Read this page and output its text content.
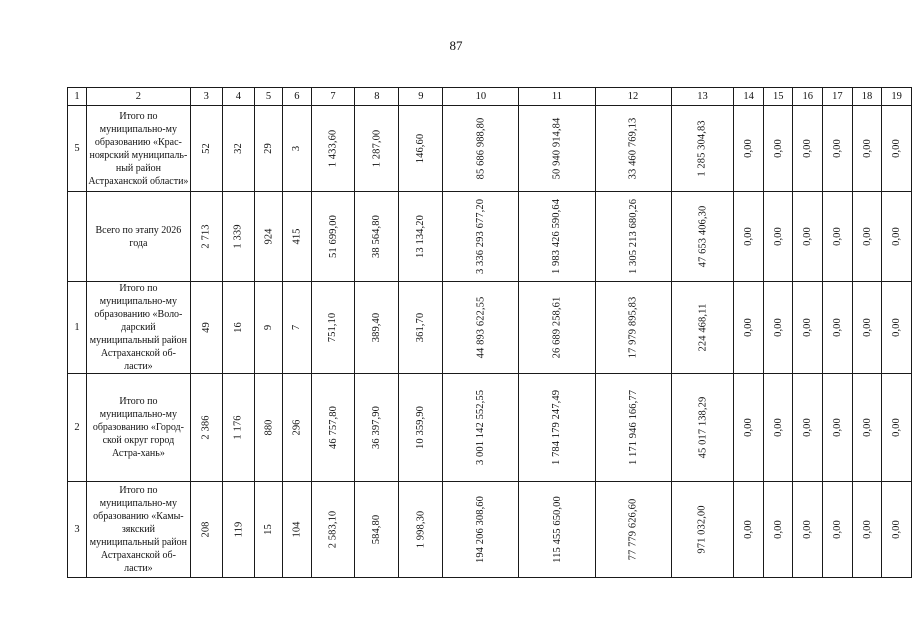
87
1	2	3	4	5	6	7	8	9	10	11	12	13	14	15	16	17	18	19
5	Итого по муниципально-му образованию «Крас-ноярский муниципаль-ный район Астраханской области»	52	32	29	3	1 433,60	1 287,00	146,60	85 686 988,80	50 940 914,84	33 460 769,13	1 285 304,83	0,00	0,00	0,00	0,00	0,00	0,00
	Всего по этапу 2026 года	2 713	1 339	924	415	51 699,00	38 564,80	13 134,20	3 336 293 677,20	1 983 426 590,64	1 305 213 680,26	47 653 406,30	0,00	0,00	0,00	0,00	0,00	0,00
1	Итого по муниципально-му образованию «Воло-дарский муниципальный район Астраханской об-ласти»	49	16	9	7	751,10	389,40	361,70	44 893 622,55	26 689 258,61	17 979 895,83	224 468,11	0,00	0,00	0,00	0,00	0,00	0,00
2	Итого по муниципально-му образованию «Город-ской округ город Астра-хань»	2 386	1 176	880	296	46 757,80	36 397,90	10 359,90	3 001 142 552,55	1 784 179 247,49	1 171 946 166,77	45 017 138,29	0,00	0,00	0,00	0,00	0,00	0,00
3	Итого по муниципально-му образованию «Камы-зякский муниципальный район Астраханской об-ласти»	208	119	15	104	2 583,10	584,80	1 998,30	194 206 308,60	115 455 650,00	77 779 626,60	971 032,00	0,00	0,00	0,00	0,00	0,00	0,00
